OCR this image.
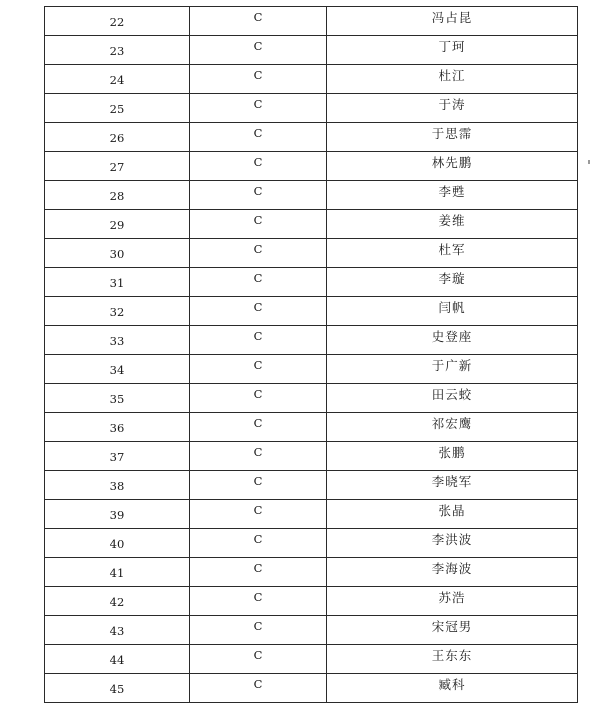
22	C	冯占昆
23	C	丁珂
24	C	杜江
25	C	于涛
26	C	于思霈
27	C	林先鹏
28	C	李甦
29	C	姜维
30	C	杜军
31	C	李璇
32	C	闫帆
33	C	史登座
34	C	于广新
35	C	田云蛟
36	C	祁宏鹰
37	C	张鹏
38	C	李晓军
39	C	张晶
40	C	李洪波
41	C	李海波
42	C	苏浩
43	C	宋冠男
44	C	王东东
45	C	臧科
